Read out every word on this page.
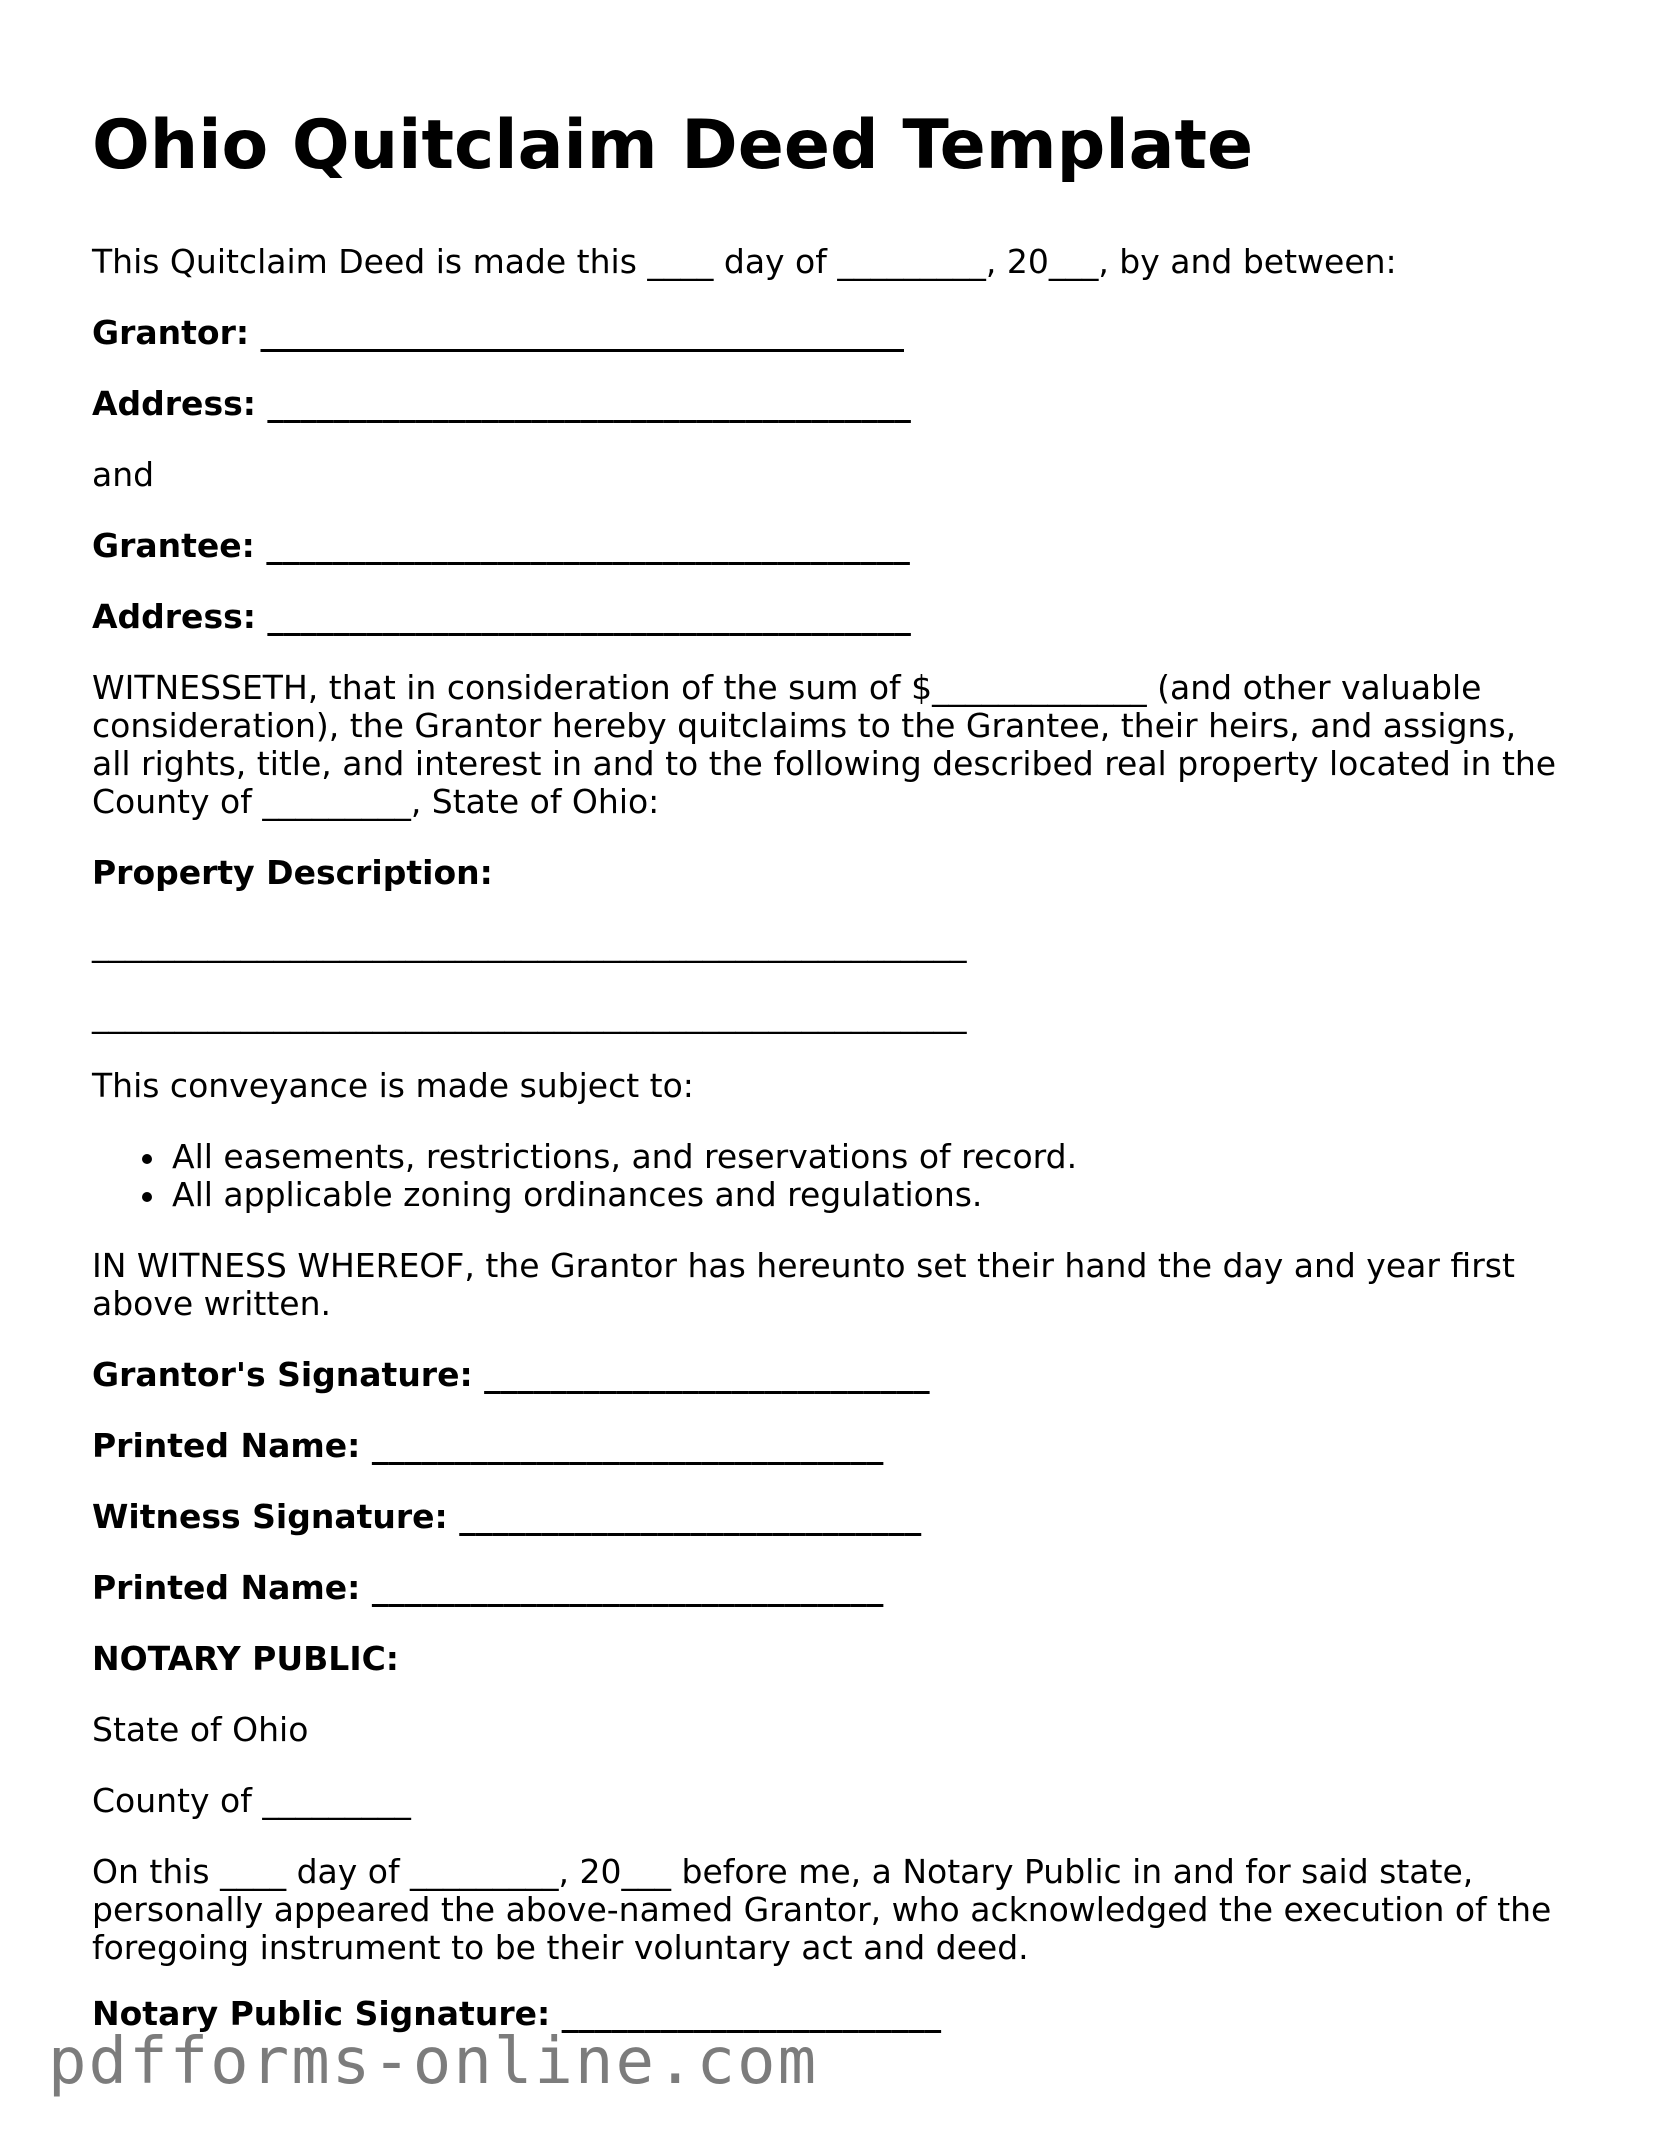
Ohio Quitclaim Deed Template

This Quitclaim Deed is made this ____ day of _________, 20___, by and between:

Grantor: _______________________________________

Address: _______________________________________

and

Grantee: _______________________________________

Address: _______________________________________

WITNESSETH, that in consideration of the sum of $_____________ (and other valuable consideration), the Grantor hereby quitclaims to the Grantee, their heirs, and assigns, all rights, title, and interest in and to the following described real property located in the County of _________, State of Ohio:

Property Description:

_____________________________________________________

_____________________________________________________

This conveyance is made subject to:

All easements, restrictions, and reservations of record.
All applicable zoning ordinances and regulations.

IN WITNESS WHEREOF, the Grantor has hereunto set their hand the day and year first above written.

Grantor's Signature: ___________________________

Printed Name: _______________________________

Witness Signature: ____________________________

Printed Name: _______________________________

NOTARY PUBLIC:

State of Ohio

County of _________

On this ____ day of _________, 20___ before me, a Notary Public in and for said state, personally appeared the above-named Grantor, who acknowledged the execution of the foregoing instrument to be their voluntary act and deed.

Notary Public Signature: _______________________

pdfforms-online.com
